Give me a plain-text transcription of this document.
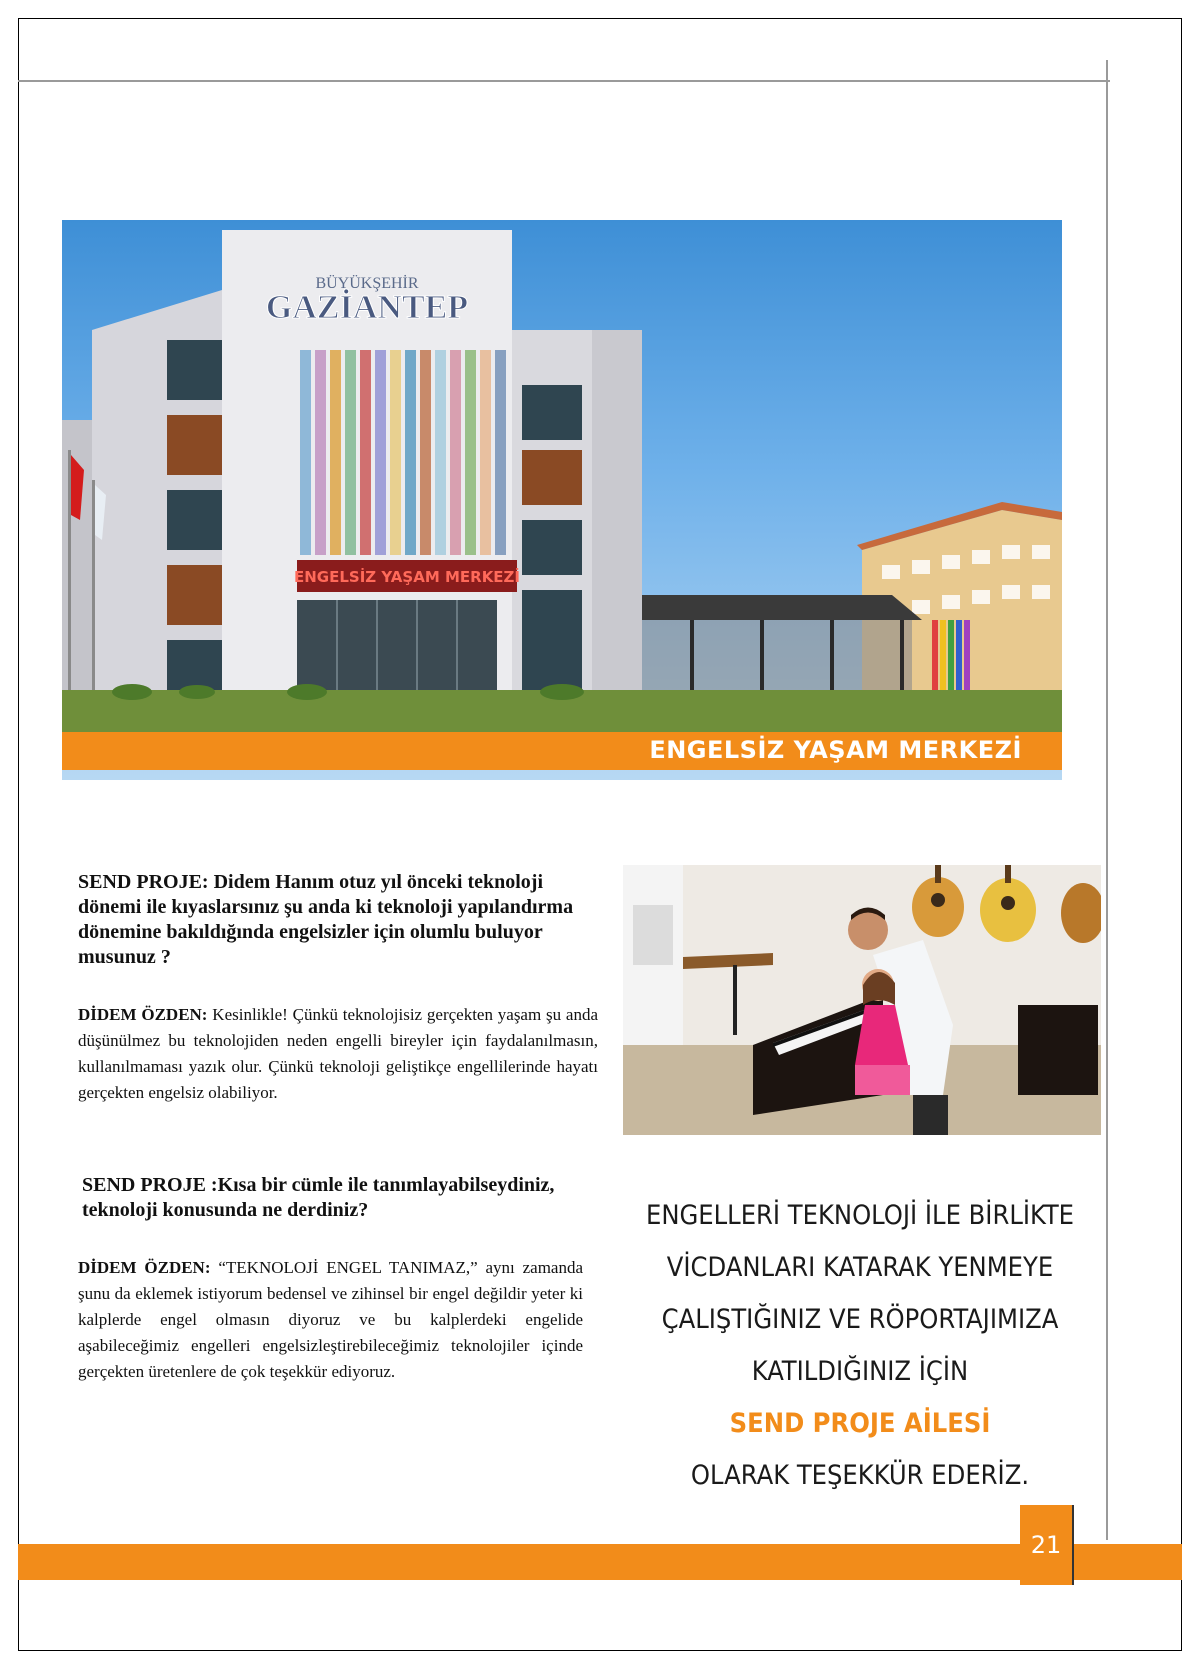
BÜYÜKŞEHİR
GAZİANTEP
ENGELSİZ YAŞAM MERKEZİ
ENGELSİZ YAŞAM MERKEZİ
SEND PROJE: Didem Hanım otuz yıl önceki teknoloji dönemi ile kıyaslarsınız şu anda ki teknoloji yapılandırma dönemine bakıldığında engelsizler için olumlu buluyor musunuz ?
DİDEM ÖZDEN: Kesinlikle! Çünkü teknolojisiz gerçekten yaşam şu anda düşünülmez bu teknolojiden neden engelli bireyler için faydalanılmasın, kullanılmaması yazık olur. Çünkü teknoloji geliştikçe engellilerinde hayatı gerçekten engelsiz olabiliyor.
SEND PROJE :Kısa bir cümle ile tanımlayabilseydiniz, teknoloji konusunda ne derdiniz?
DİDEM ÖZDEN: “TEKNOLOJİ ENGEL TANIMAZ,” aynı zamanda şunu da eklemek istiyorum bedensel ve zihinsel bir engel değildir yeter ki kalplerde engel olmasın diyoruz ve bu kalplerdeki engelide aşabileceğimiz engelleri engelsizleştirebileceğimiz teknolojiler içinde gerçekten üretenlere de çok teşekkür ediyoruz.
ENGELLERİ TEKNOLOJİ İLE BİRLİKTE
VİCDANLARI KATARAK YENMEYE
ÇALIŞTIĞINIZ VE RÖPORTAJIMIZA
KATILDIĞINIZ İÇİN
SEND PROJE AİLESİ
OLARAK TEŞEKKÜR EDERİZ.
21
